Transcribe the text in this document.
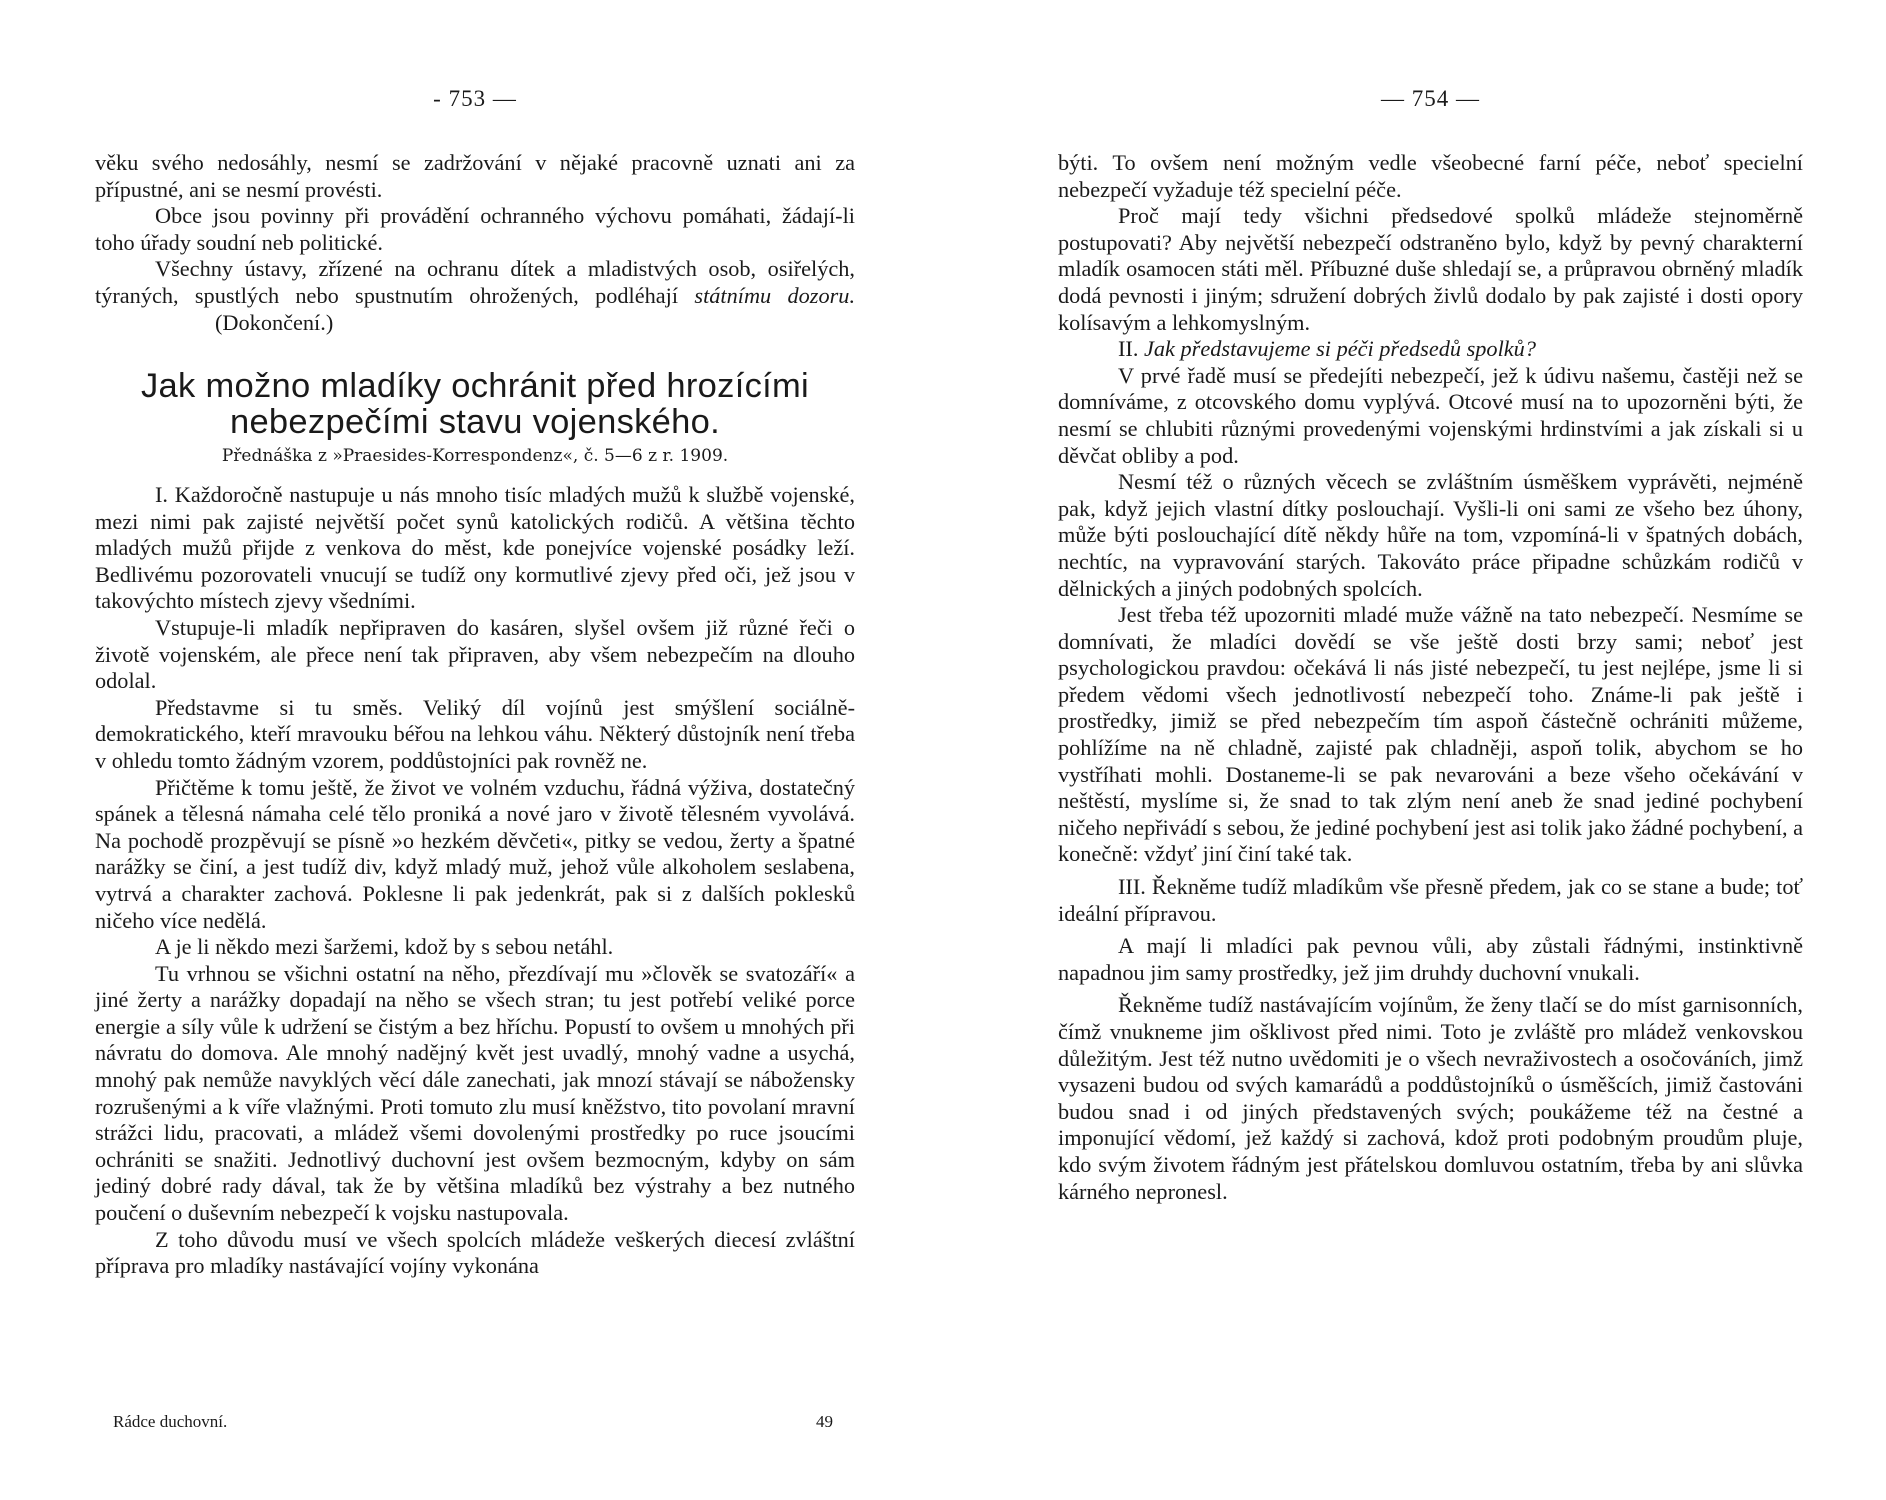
- 753 —

věku svého nedosáhly, nesmí se zadržování v nějaké pracovně uznati ani za přípustné, ani se nesmí provésti.

Obce jsou povinny při provádění ochranného výchovu pomáhati, žádají-li toho úřady soudní neb politické.

Všechny ústavy, zřízené na ochranu dítek a mladistvých osob, osiřelých, týraných, spustlých nebo spustnutím ohrožených, podléhají státnímu dozoru.(Dokončení.)

Jak možno mladíky ochránit před hrozícími
nebezpečími stavu vojenského.

Přednáška z »Praesides-Korrespondenz«, č. 5—6 z r. 1909.

I. Každoročně nastupuje u nás mnoho tisíc mladých mužů k službě vojenské, mezi nimi pak zajisté největší počet synů katolických rodičů. A většina těchto mladých mužů přijde z venkova do měst, kde ponejvíce vojenské posádky leží. Bedlivému pozorovateli vnucují se tudíž ony kormutlivé zjevy před oči, jež jsou v takovýchto místech zjevy všedními.

Vstupuje-li mladík nepřipraven do kasáren, slyšel ovšem již různé řeči o životě vojenském, ale přece není tak připraven, aby všem nebezpečím na dlouho odolal.

Představme si tu směs. Veliký díl vojínů jest smýšlení sociálně-demokratického, kteří mravouku béřou na lehkou váhu. Některý důstojník není třeba v ohledu tomto žádným vzorem, poddůstojníci pak rovněž ne.

Přičtěme k tomu ještě, že život ve volném vzduchu, řádná výživa, dostatečný spánek a tělesná námaha celé tělo proniká a nové jaro v životě tělesném vyvolává. Na pochodě prozpěvují se písně »o hezkém děvčeti«, pitky se vedou, žerty a špatné narážky se činí, a jest tudíž div, když mladý muž, jehož vůle alkoholem seslabena, vytrvá a charakter zachová. Poklesne li pak jedenkrát, pak si z dalších poklesků ničeho více nedělá.

A je li někdo mezi šaržemi, kdož by s sebou netáhl.

Tu vrhnou se všichni ostatní na něho, přezdívají mu »člověk se svatozáří« a jiné žerty a narážky dopadají na něho se všech stran; tu jest potřebí veliké porce energie a síly vůle k udržení se čistým a bez hříchu. Popustí to ovšem u mnohých při návratu do domova. Ale mnohý nadějný květ jest uvadlý, mnohý vadne a usychá, mnohý pak nemůže navyklých věcí dále zanechati, jak mnozí stávají se nábožensky rozrušenými a k víře vlažnými. Proti tomuto zlu musí kněžstvo, tito povolaní mravní strážci lidu, pracovati, a mládež všemi dovolenými prostředky po ruce jsoucími ochrániti se snažiti. Jednotlivý duchovní jest ovšem bezmocným, kdyby on sám jediný dobré rady dával, tak že by většina mladíků bez výstrahy a bez nutného poučení o duševním nebezpečí k vojsku nastupovala.

Z toho důvodu musí ve všech spolcích mládeže veškerých diecesí zvláštní příprava pro mladíky nastávající vojíny vykonána

Rádce duchovní.	49
— 754 —

býti. To ovšem není možným vedle všeobecné farní péče, neboť specielní nebezpečí vyžaduje též specielní péče.

Proč mají tedy všichni předsedové spolků mládeže stejnoměrně postupovati? Aby největší nebezpečí odstraněno bylo, když by pevný charakterní mladík osamocen státi měl. Příbuzné duše shledají se, a průpravou obrněný mladík dodá pevnosti i jiným; sdružení dobrých živlů dodalo by pak zajisté i dosti opory kolísavým a lehkomyslným.

II. Jak představujeme si péči předsedů spolků?

V prvé řadě musí se předejíti nebezpečí, jež k údivu našemu, častěji než se domníváme, z otcovského domu vyplývá. Otcové musí na to upozorněni býti, že nesmí se chlubiti různými provedenými vojenskými hrdinstvími a jak získali si u děvčat obliby a pod.

Nesmí též o různých věcech se zvláštním úsměškem vyprávěti, nejméně pak, když jejich vlastní dítky poslouchají. Vyšli-li oni sami ze všeho bez úhony, může býti poslouchající dítě někdy hůře na tom, vzpomíná-li v špatných dobách, nechtíc, na vypravování starých. Takováto práce připadne schůzkám rodičů v dělnických a jiných podobných spolcích.

Jest třeba též upozorniti mladé muže vážně na tato nebezpečí. Nesmíme se domnívati, že mladíci dovědí se vše ještě dosti brzy sami; neboť jest psychologickou pravdou: očekává li nás jisté nebezpečí, tu jest nejlépe, jsme li si předem vědomi všech jednotlivostí nebezpečí toho. Známe-li pak ještě i prostředky, jimiž se před nebezpečím tím aspoň částečně ochrániti můžeme, pohlížíme na ně chladně, zajisté pak chladněji, aspoň tolik, abychom se ho vystříhati mohli. Dostaneme-li se pak nevarováni a beze všeho očekávání v neštěstí, myslíme si, že snad to tak zlým není aneb že snad jediné pochybení ničeho nepřivádí s sebou, že jediné pochybení jest asi tolik jako žádné pochybení, a konečně: vždyť jiní činí také tak.

III. Řekněme tudíž mladíkům vše přesně předem, jak co se stane a bude; toť ideální přípravou.

A mají li mladíci pak pevnou vůli, aby zůstali řádnými, instinktivně napadnou jim samy prostředky, jež jim druhdy duchovní vnukali.

Řekněme tudíž nastávajícím vojínům, že ženy tlačí se do míst garnisonních, čímž vnukneme jim ošklivost před nimi. Toto je zvláště pro mládež venkovskou důležitým. Jest též nutno uvědomiti je o všech nevraživostech a osočováních, jimž vysazeni budou od svých kamarádů a poddůstojníků o úsměšcích, jimiž častováni budou snad i od jiných představených svých; poukážeme též na čestné a imponující vědomí, jež každý si zachová, kdož proti podobným proudům pluje, kdo svým životem řádným jest přátelskou domluvou ostatním, třeba by ani slůvka kárného nepronesl.
